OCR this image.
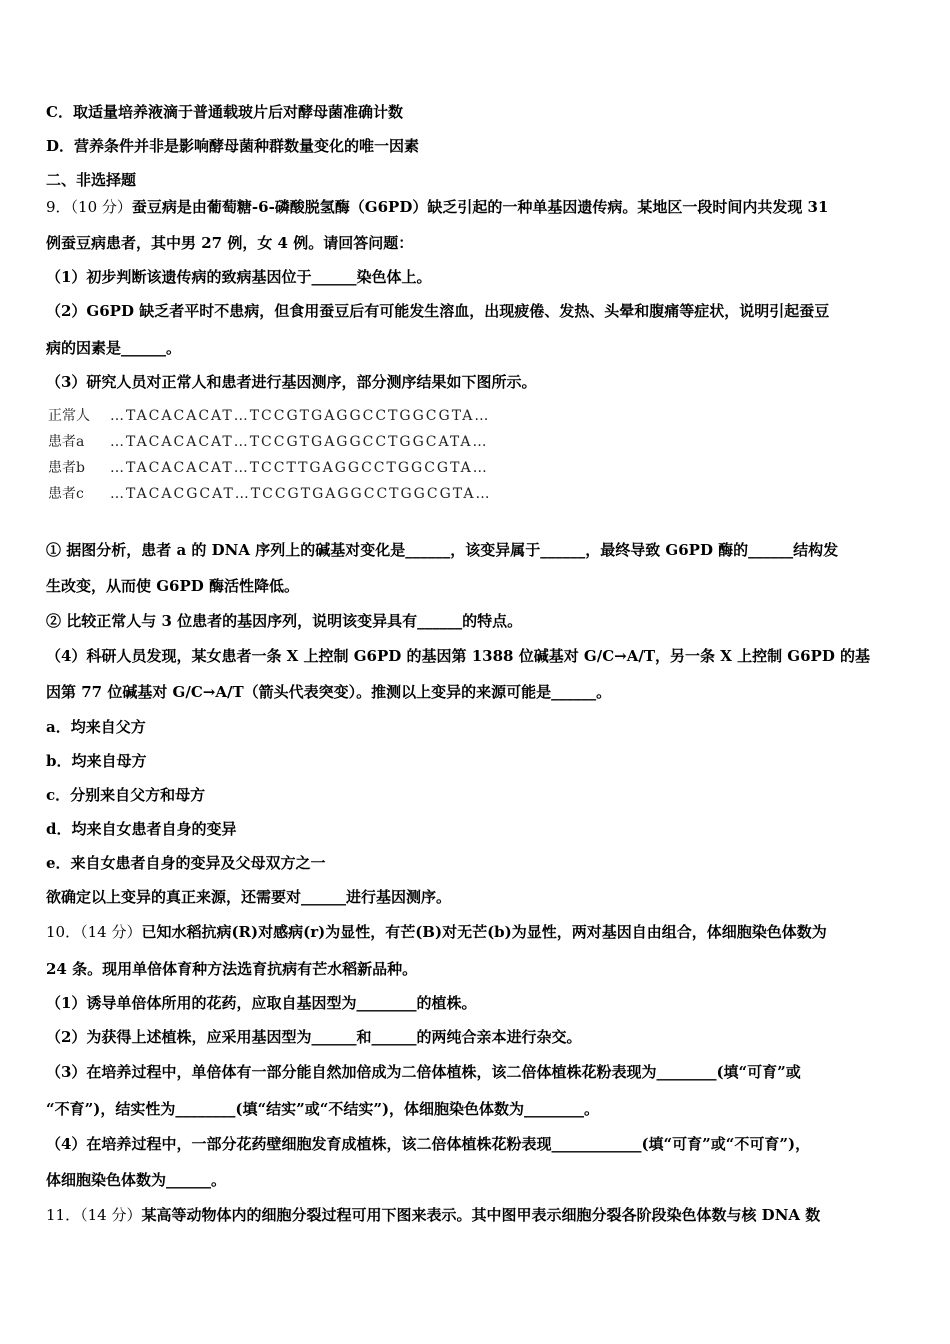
C．取适量培养液滴于普通载玻片后对酵母菌准确计数
D．营养条件并非是影响酵母菌种群数量变化的唯一因素
二、非选择题
9．（10 分）蚕豆病是由葡萄糖-6-磷酸脱氢酶（G6PD）缺乏引起的一种单基因遗传病。某地区一段时间内共发现 31
例蚕豆病患者，其中男 27 例，女 4 例。请回答问题：
（1）初步判断该遗传病的致病基因位于______染色体上。
（2）G6PD 缺乏者平时不患病，但食用蚕豆后有可能发生溶血，出现疲倦、发热、头晕和腹痛等症状，说明引起蚕豆
病的因素是______。
（3）研究人员对正常人和患者进行基因测序，部分测序结果如下图所示。
正常人	…TACACACAT…TCCGTGAGGCCTGGCGTA…
患者a	…TACACACAT…TCCGTGAGGCCTGGCATA…
患者b	…TACACACAT…TCCTTGAGGCCTGGCGTA…
患者c	…TACACGCAT…TCCGTGAGGCCTGGCGTA…
① 据图分析，患者 a 的 DNA 序列上的碱基对变化是______，该变异属于______，最终导致 G6PD 酶的______结构发
生改变，从而使 G6PD 酶活性降低。
② 比较正常人与 3 位患者的基因序列，说明该变异具有______的特点。
（4）科研人员发现，某女患者一条 X 上控制 G6PD 的基因第 1388 位碱基对 G/C→A/T，另一条 X 上控制 G6PD 的基
因第 77 位碱基对 G/C→A/T（箭头代表突变）。推测以上变异的来源可能是______。
a．均来自父方
b．均来自母方
c．分别来自父方和母方
d．均来自女患者自身的变异
e．来自女患者自身的变异及父母双方之一
欲确定以上变异的真正来源，还需要对______进行基因测序。
10．（14 分）已知水稻抗病(R)对感病(r)为显性，有芒(B)对无芒(b)为显性，两对基因自由组合，体细胞染色体数为
24 条。现用单倍体育种方法选育抗病有芒水稻新品种。
（1）诱导单倍体所用的花药，应取自基因型为________的植株。
（2）为获得上述植株，应采用基因型为______和______的两纯合亲本进行杂交。
（3）在培养过程中，单倍体有一部分能自然加倍成为二倍体植株，该二倍体植株花粉表现为________(填“可育”或
“不育”)，结实性为________(填“结实”或“不结实”)，体细胞染色体数为________。
（4）在培养过程中，一部分花药壁细胞发育成植株，该二倍体植株花粉表现____________(填“可育”或“不可育”)，
体细胞染色体数为______。
11．（14 分）某高等动物体内的细胞分裂过程可用下图来表示。其中图甲表示细胞分裂各阶段染色体数与核 DNA 数
